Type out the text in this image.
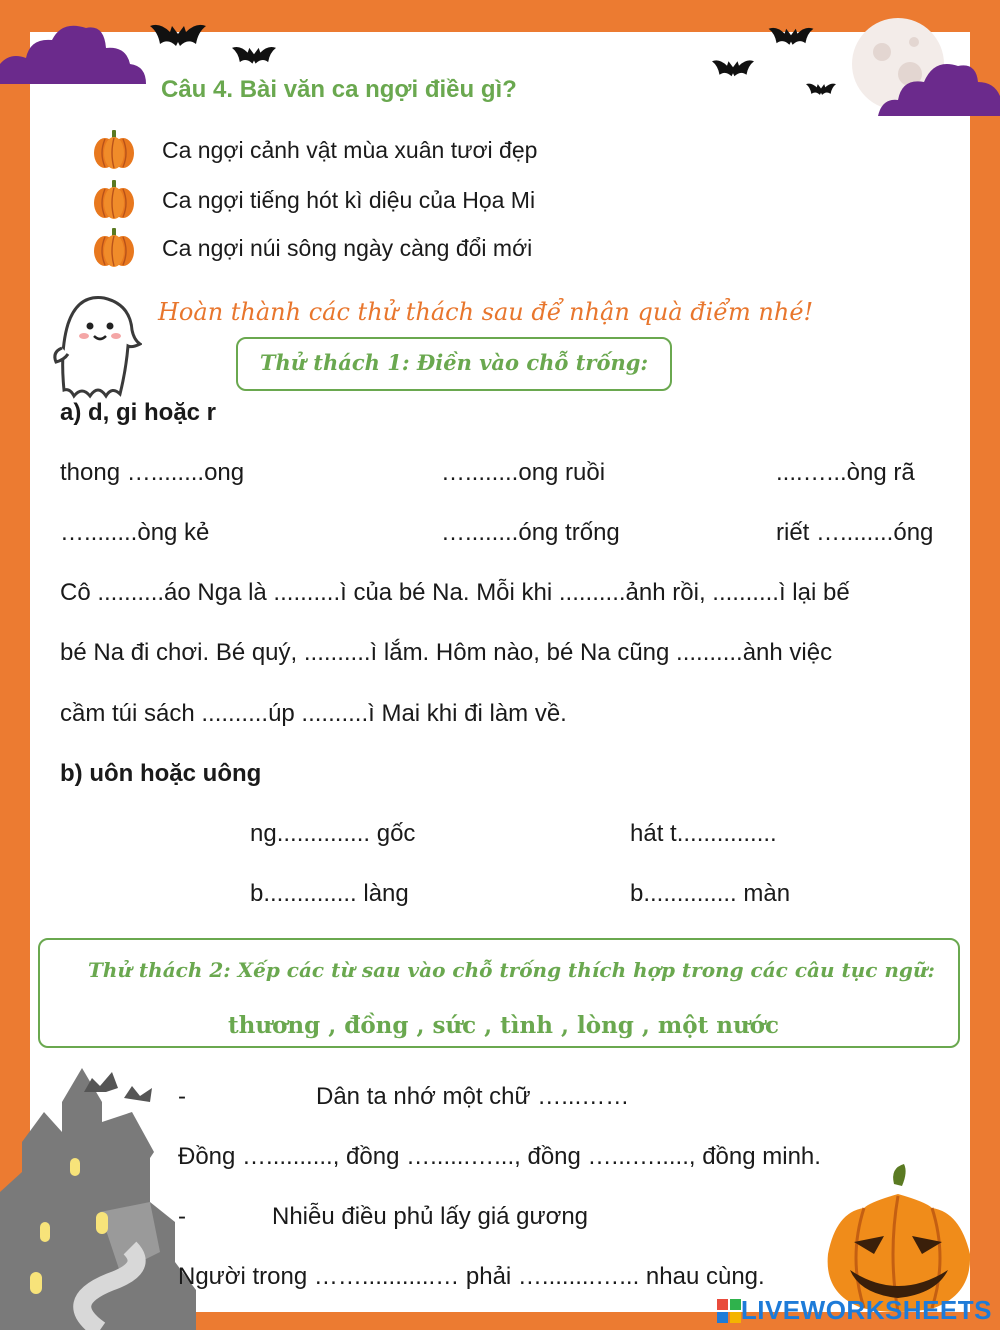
Câu 4. Bài văn ca ngợi điều gì?
Ca ngợi cảnh vật mùa xuân tươi đẹp
Ca ngợi tiếng hót kì diệu của Họa Mi
Ca ngợi núi sông ngày càng đổi mới
Hoàn thành các thử thách sau để nhận quà điểm nhé!
Thử thách 1: Điền vào chỗ trống:
a) d, gi hoặc r
thong …........ong	…........ong ruồi	....…...òng rã
…........òng kẻ	…........óng trống	riết …........óng
Cô ..........áo Nga là ..........ì của bé Na. Mỗi khi ..........ảnh rồi, ..........ì lại bế
bé Na đi chơi. Bé quý, ..........ì lắm. Hôm nào, bé Na cũng ..........ành việc
cầm túi sách ..........úp ..........ì Mai khi đi làm về.
b) uôn hoặc uông
ng.............. gốc	hát t...............
b.............. làng	b.............. màn
Thử thách 2: Xếp các từ sau vào chỗ trống thích hợp trong các câu tục ngữ:
thương , đồng , sức , tình , lòng , một nước
-	Dân ta nhớ một chữ …...……
Đồng ….........., đồng …......…..., đồng …...…....., đồng minh.
-	Nhiễu điều phủ lấy giá gương
Người trong ……...........… phải …........…... nhau cùng.
LIVEWORKSHEETS
